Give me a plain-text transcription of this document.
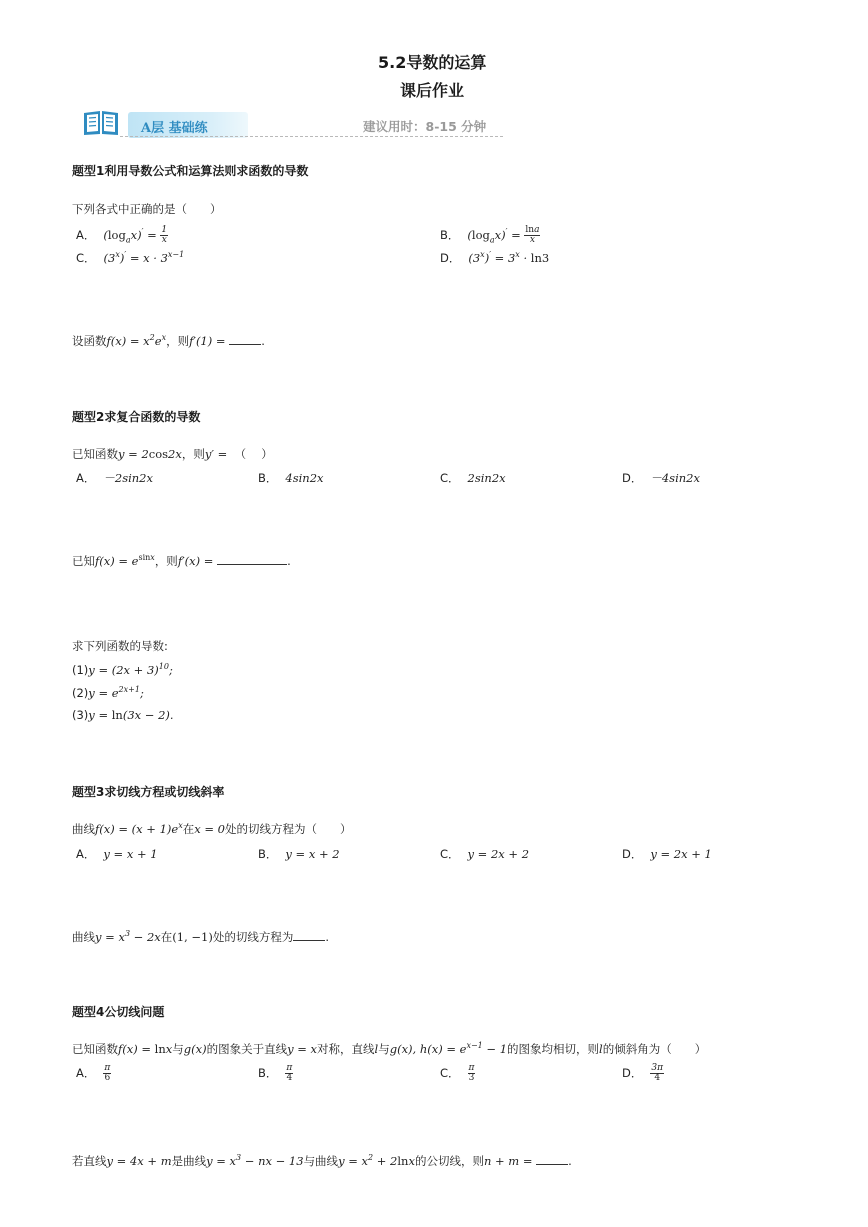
5.2导数的运算
课后作业
A层 基础练	建议用时：8-15 分钟
题型1利用导数公式和运算法则求函数的导数
下列各式中正确的是（　　）
A． $(\log_ax)' = \frac{1}{x}$	B． $(\log_ax)' = \frac{\ln a}{x}$
C． $(3^x)' = x \cdot 3^{x-1}$	D． $(3^x)' = 3^x \cdot \ln 3$
设函数$f(x) = x^2e^x$，则f′(1) =	.
题型2求复合函数的导数
已知函数y = 2cos2x，则y′ =  （　 ）
A． －2sin2x	B． 4sin2x	C． 2sin2x	D． －4sin2x
已知$f(x) = e^{sinx}$，则f′(x) =	.
求下列函数的导数:
$(1)y = (2x + 3)^{10}$;
$(2)y = e^{2x+1}$;
(3)y = ln(3x − 2).
题型3求切线方程或切线斜率
曲线$f(x) = (x + 1)e^x$在x = 0处的切线方程为（　　）
A． y = x + 1	B． y = x + 2	C． y = 2x + 2	D． y = 2x + 1
曲线$y = x^3 - 2x$在(1, −1)处的切线方程为	.
题型4公切线问题
已知函数f(x) = lnx与g(x)的图象关于直线y = x对称，直线l与g(x), $h(x) = e^{x-1} - 1$的图象均相切，则l的倾斜角为（　　）
A． $\frac{\pi}{6}$	B． $\frac{\pi}{4}$	C． $\frac{\pi}{3}$	D． $\frac{3\pi}{4}$
若直线y = 4x + m是曲线$y = x^3$ − nx − 13与曲线$y = x^2 + 2\ln x$的公切线，则n + m =	.
